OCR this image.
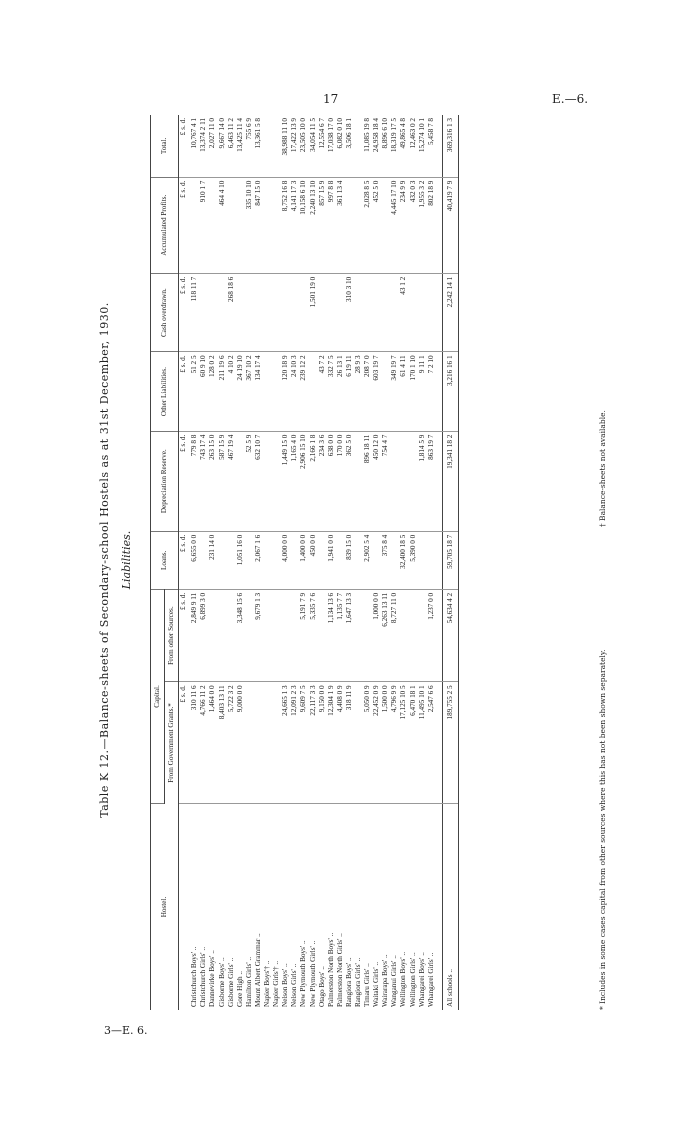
17	E.—6.
3—E. 6.
Table K 12.—Balance-sheets of Secondary-school Hostels as at 31st December, 1930. Liabilities.
Hostel.	Capital.		Loans.	Depreciation Reserve.	Other Liabilities.	Cash overdrawn.	Accumulated Profits.	Total.
	From Government Grants.*	From other Sources.						
	£ s. d.	£ s. d.	£ s. d.	£ s. d.	£ s. d.	£ s. d.	£ s. d.	£ s. d.
Christchurch Boys' ..	310 11 6	2,849 9 11	6,655 0 0	779 8 8	51 2 5	118 11 7		10,767 4 1
Christchurch Girls' ..	4,766 11 2	6,899 3 0		743 17 4	60 9 10		910 1 7	13,374 2 11
Dannevirke Boys' ..	1,464 0 0		231 14 0	263 15 0	128 0 2			2,027 11 0
Gisborne Boys' ..	8,403 13 11			587 15 9	211 19 6		464 4 10	9,667 14 0
Gisborne Girls' ..	5,722 3 2			467 19 4	4 10 2	268 18 6		6,463 11 2
Gore High ..	9,000 0 0	3,348 15 6	1,051 16 0		24 19 10			13,425 11 4
Hamilton Girls' ..				52 5 9	367 10 2		335 10 10	755 6 9
Mount Albert Grammar ..		9,679 1 3	2,067 1 6	632 10 7	134 17 4		847 15 0	13,361 5 8
Napier Boys'† ..								
Napier Girls'† ..								
Nelson Boys' ..	24,665 1 3		4,000 0 0	1,449 15 0	120 18 9		8,752 16 8	38,988 11 10
Nelson Girls' ..	12,091 2 3			1,165 4 0	24 10 3		4,141 17 3	17,422 13 9
New Plymouth Boys' ..	9,609 7 5	5,191 7 9	1,400 0 0	2,906 15 10	239 12 2		10,158 6 10	23,505 10 0
New Plymouth Girls' ..	22,117 3 3	5,335 7 6	450 0 0	2,166 1 8		1,501 19 0	2,240 13 10	34,054 11 5
Otago Boys' ..	9,150 0 0			234 3 6	43 7 2		857 15 9	12,554 6 7
Palmerston North Boys' ..	12,304 1 9	1,134 13 6	1,941 0 0	638 0 0	332 7 5		997 8 8	17,038 17 0
Palmerston North Girls' ..	4,408 0 9	1,135 7 7		170 0 0	26 13 1		361 13 4	6,082 0 10
Rangiora Boys' ..	318 11 9	1,647 13 3	839 15 0	362 5 0	6 19 11	310 3 10		3,506 18 1
Rangiora Girls' ..					28 9 3			
Timaru Girls' ..	5,050 0 9		2,902 5 4	896 18 11	208 7 0		2,028 8 5	11,085 19 8
Waitaki Girls' ..	22,452 0 9	1,000 0 0		450 12 0	603 19 7		452 5 0	24,958 18 4
Wairarapa Boys' ..	1,500 0 0	6,263 13 11	375 8 4	754 4 7				8,896 6 10
Wanganui Girls' ..	4,796 9 9	8,727 11 0			349 19 7		4,445 17 10	18,319 17 5
Wellington Boys' ..	17,125 10 5		32,400 18 5		61 4 11	43 1 2	234 9 9	49,865 4 8
Wellington Girls' ..	6,470 18 1		5,390 0 0		170 1 10		432 0 3	12,463 0 2
Whangarei Boys' ..	11,495 10 1			1,814 5 9	9 11 1		1,955 3 2	15,274 10 1
Whangarei Girls' ..	2,547 6 6	1,237 0 0		863 19 7	7 2 10		802 18 9	5,458 7 8

All schools ..	189,755 2 5	54,634 4 2	59,705 18 7	19,341 18 2	3,216 16 1	2,242 14 1	40,419 7 9	369,316 1 3
* Includes in some cases capital from other sources where this has not been shown separately. † Balance-sheets not available.
